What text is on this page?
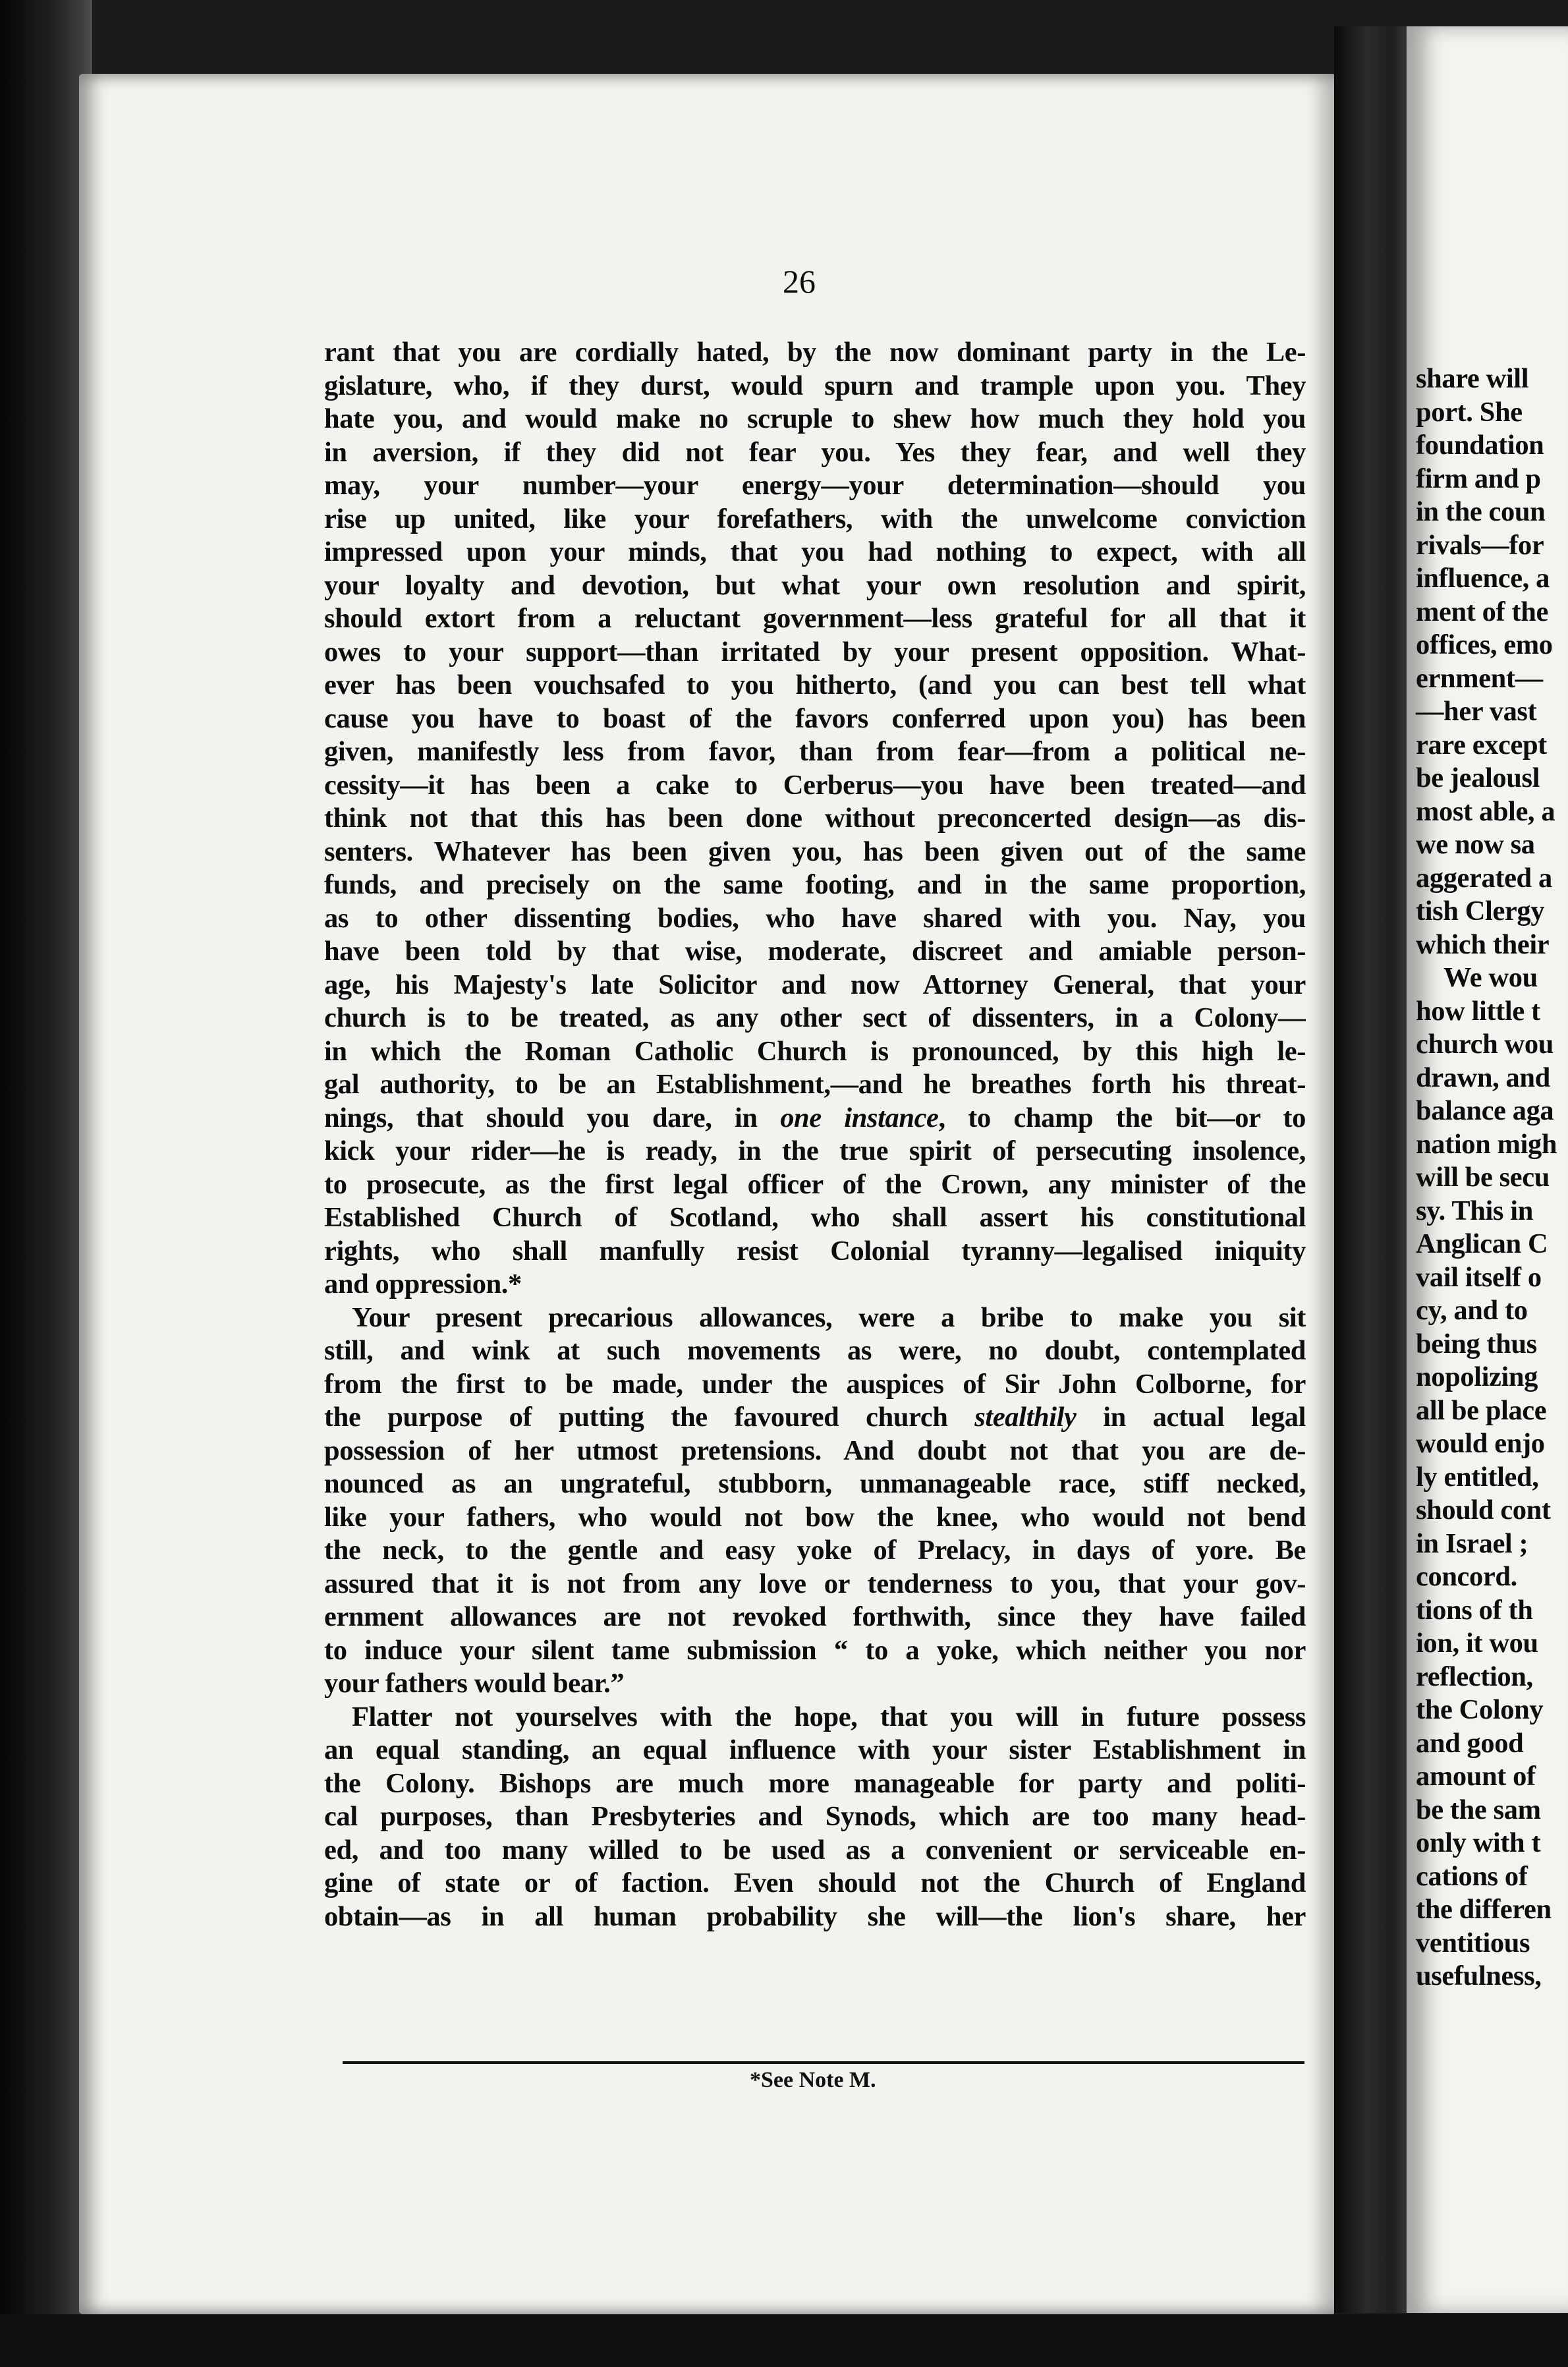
share will
port. She
foundation
firm and p
in the coun
rivals—for
influence, a
ment of the
offices, emo
ernment—
—her vast
rare except
be jealousl
most able, a
we now sa
aggerated a
tish Clergy
which their
We wou
how little t
church wou
drawn, and
balance aga
nation migh
will be secu
sy. This in
Anglican C
vail itself o
cy, and to
being thus
nopolizing
all be place
would enjo
ly entitled,
should cont
in Israel ;
concord.
tions of th
ion, it wou
reflection,
the Colony
and good
amount of
be the sam
only with t
cations of
the differen
ventitious
usefulness,
26
rant that you are cordially hated, by the now dominant party in the Le-
gislature, who, if they durst, would spurn and trample upon you. They
hate you, and would make no scruple to shew how much they hold you
in aversion, if they did not fear you. Yes they fear, and well they
may, your number—your energy—your determination—should you
rise up united, like your forefathers, with the unwelcome conviction
impressed upon your minds, that you had nothing to expect, with all
your loyalty and devotion, but what your own resolution and spirit,
should extort from a reluctant government—less grateful for all that it
owes to your support—than irritated by your present opposition. What-
ever has been vouchsafed to you hitherto, (and you can best tell what
cause you have to boast of the favors conferred upon you) has been
given, manifestly less from favor, than from fear—from a political ne-
cessity—it has been a cake to Cerberus—you have been treated—and
think not that this has been done without preconcerted design—as dis-
senters. Whatever has been given you, has been given out of the same
funds, and precisely on the same footing, and in the same proportion,
as to other dissenting bodies, who have shared with you. Nay, you
have been told by that wise, moderate, discreet and amiable person-
age, his Majesty's late Solicitor and now Attorney General, that your
church is to be treated, as any other sect of dissenters, in a Colony—
in which the Roman Catholic Church is pronounced, by this high le-
gal authority, to be an Establishment,—and he breathes forth his threat-
nings, that should you dare, in one instance, to champ the bit—or to
kick your rider—he is ready, in the true spirit of persecuting insolence,
to prosecute, as the first legal officer of the Crown, any minister of the
Established Church of Scotland, who shall assert his constitutional
rights, who shall manfully resist Colonial tyranny—legalised iniquity
and oppression.*
Your present precarious allowances, were a bribe to make you sit
still, and wink at such movements as were, no doubt, contemplated
from the first to be made, under the auspices of Sir John Colborne, for
the purpose of putting the favoured church stealthily in actual legal
possession of her utmost pretensions. And doubt not that you are de-
nounced as an ungrateful, stubborn, unmanageable race, stiff necked,
like your fathers, who would not bow the knee, who would not bend
the neck, to the gentle and easy yoke of Prelacy, in days of yore. Be
assured that it is not from any love or tenderness to you, that your gov-
ernment allowances are not revoked forthwith, since they have failed
to induce your silent tame submission “ to a yoke, which neither you nor
your fathers would bear.”
Flatter not yourselves with the hope, that you will in future possess
an equal standing, an equal influence with your sister Establishment in
the Colony. Bishops are much more manageable for party and politi-
cal purposes, than Presbyteries and Synods, which are too many head-
ed, and too many willed to be used as a convenient or serviceable en-
gine of state or of faction. Even should not the Church of England
obtain—as in all human probability she will—the lion's share, her
*See Note M.
